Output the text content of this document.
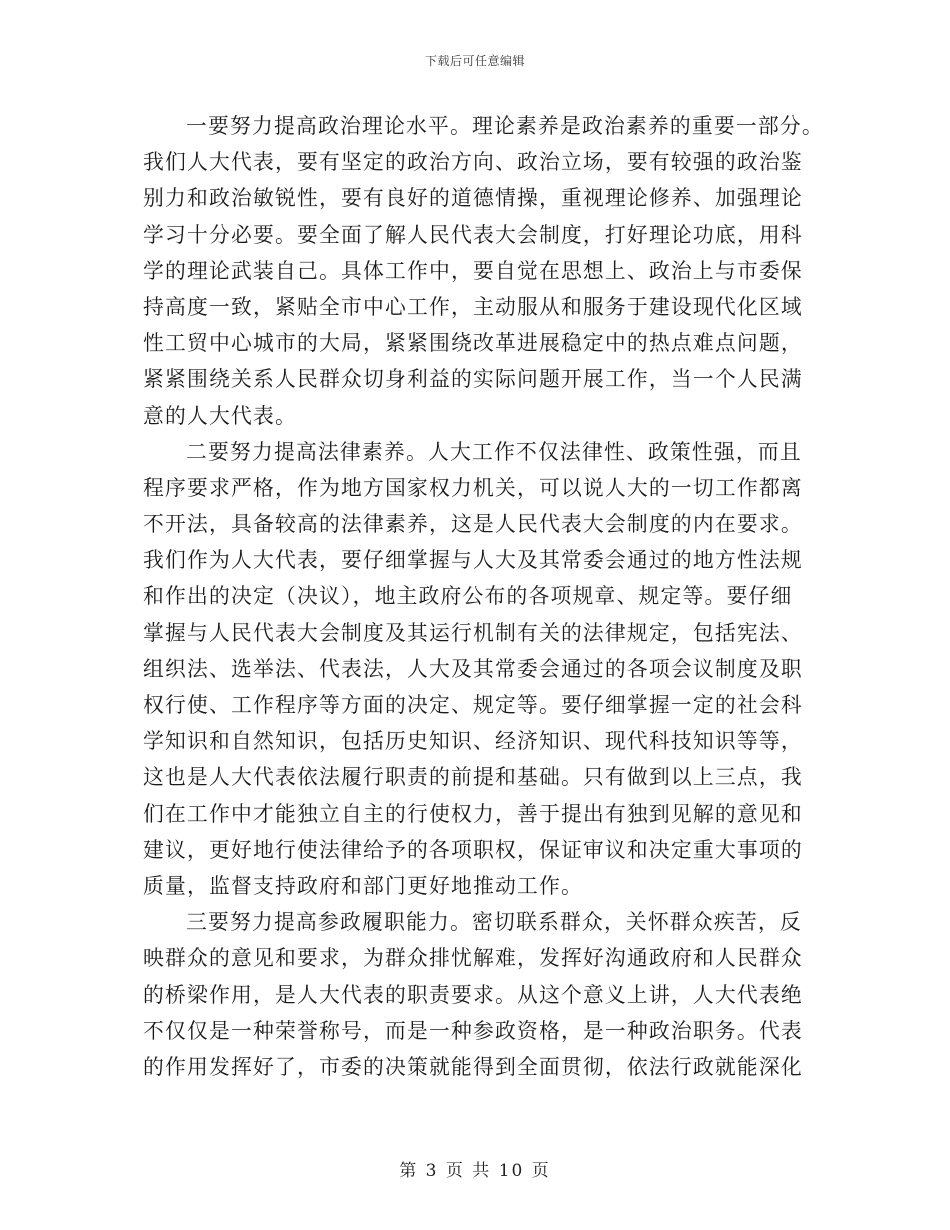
下载后可任意编辑
一要努力提高政治理论水平。理论素养是政治素养的重要一部分。
我们人大代表，要有坚定的政治方向、政治立场，要有较强的政治鉴
别力和政治敏锐性，要有良好的道德情操，重视理论修养、加强理论
学习十分必要。要全面了解人民代表大会制度，打好理论功底，用科
学的理论武装自己。具体工作中，要自觉在思想上、政治上与市委保
持高度一致，紧贴全市中心工作，主动服从和服务于建设现代化区域
性工贸中心城市的大局，紧紧围绕改革进展稳定中的热点难点问题，
紧紧围绕关系人民群众切身利益的实际问题开展工作，当一个人民满
意的人大代表。
二要努力提高法律素养。人大工作不仅法律性、政策性强，而且
程序要求严格，作为地方国家权力机关，可以说人大的一切工作都离
不开法，具备较高的法律素养，这是人民代表大会制度的内在要求。
我们作为人大代表，要仔细掌握与人大及其常委会通过的地方性法规
和作出的决定（决议），地主政府公布的各项规章、规定等。要仔细
掌握与人民代表大会制度及其运行机制有关的法律规定，包括宪法、
组织法、选举法、代表法，人大及其常委会通过的各项会议制度及职
权行使、工作程序等方面的决定、规定等。要仔细掌握一定的社会科
学知识和自然知识，包括历史知识、经济知识、现代科技知识等等，
这也是人大代表依法履行职责的前提和基础。只有做到以上三点，我
们在工作中才能独立自主的行使权力，善于提出有独到见解的意见和
建议，更好地行使法律给予的各项职权，保证审议和决定重大事项的
质量，监督支持政府和部门更好地推动工作。
三要努力提高参政履职能力。密切联系群众，关怀群众疾苦，反
映群众的意见和要求，为群众排忧解难，发挥好沟通政府和人民群众
的桥梁作用，是人大代表的职责要求。从这个意义上讲，人大代表绝
不仅仅是一种荣誉称号，而是一种参政资格，是一种政治职务。代表
的作用发挥好了，市委的决策就能得到全面贯彻，依法行政就能深化
第 3 页 共 10 页
